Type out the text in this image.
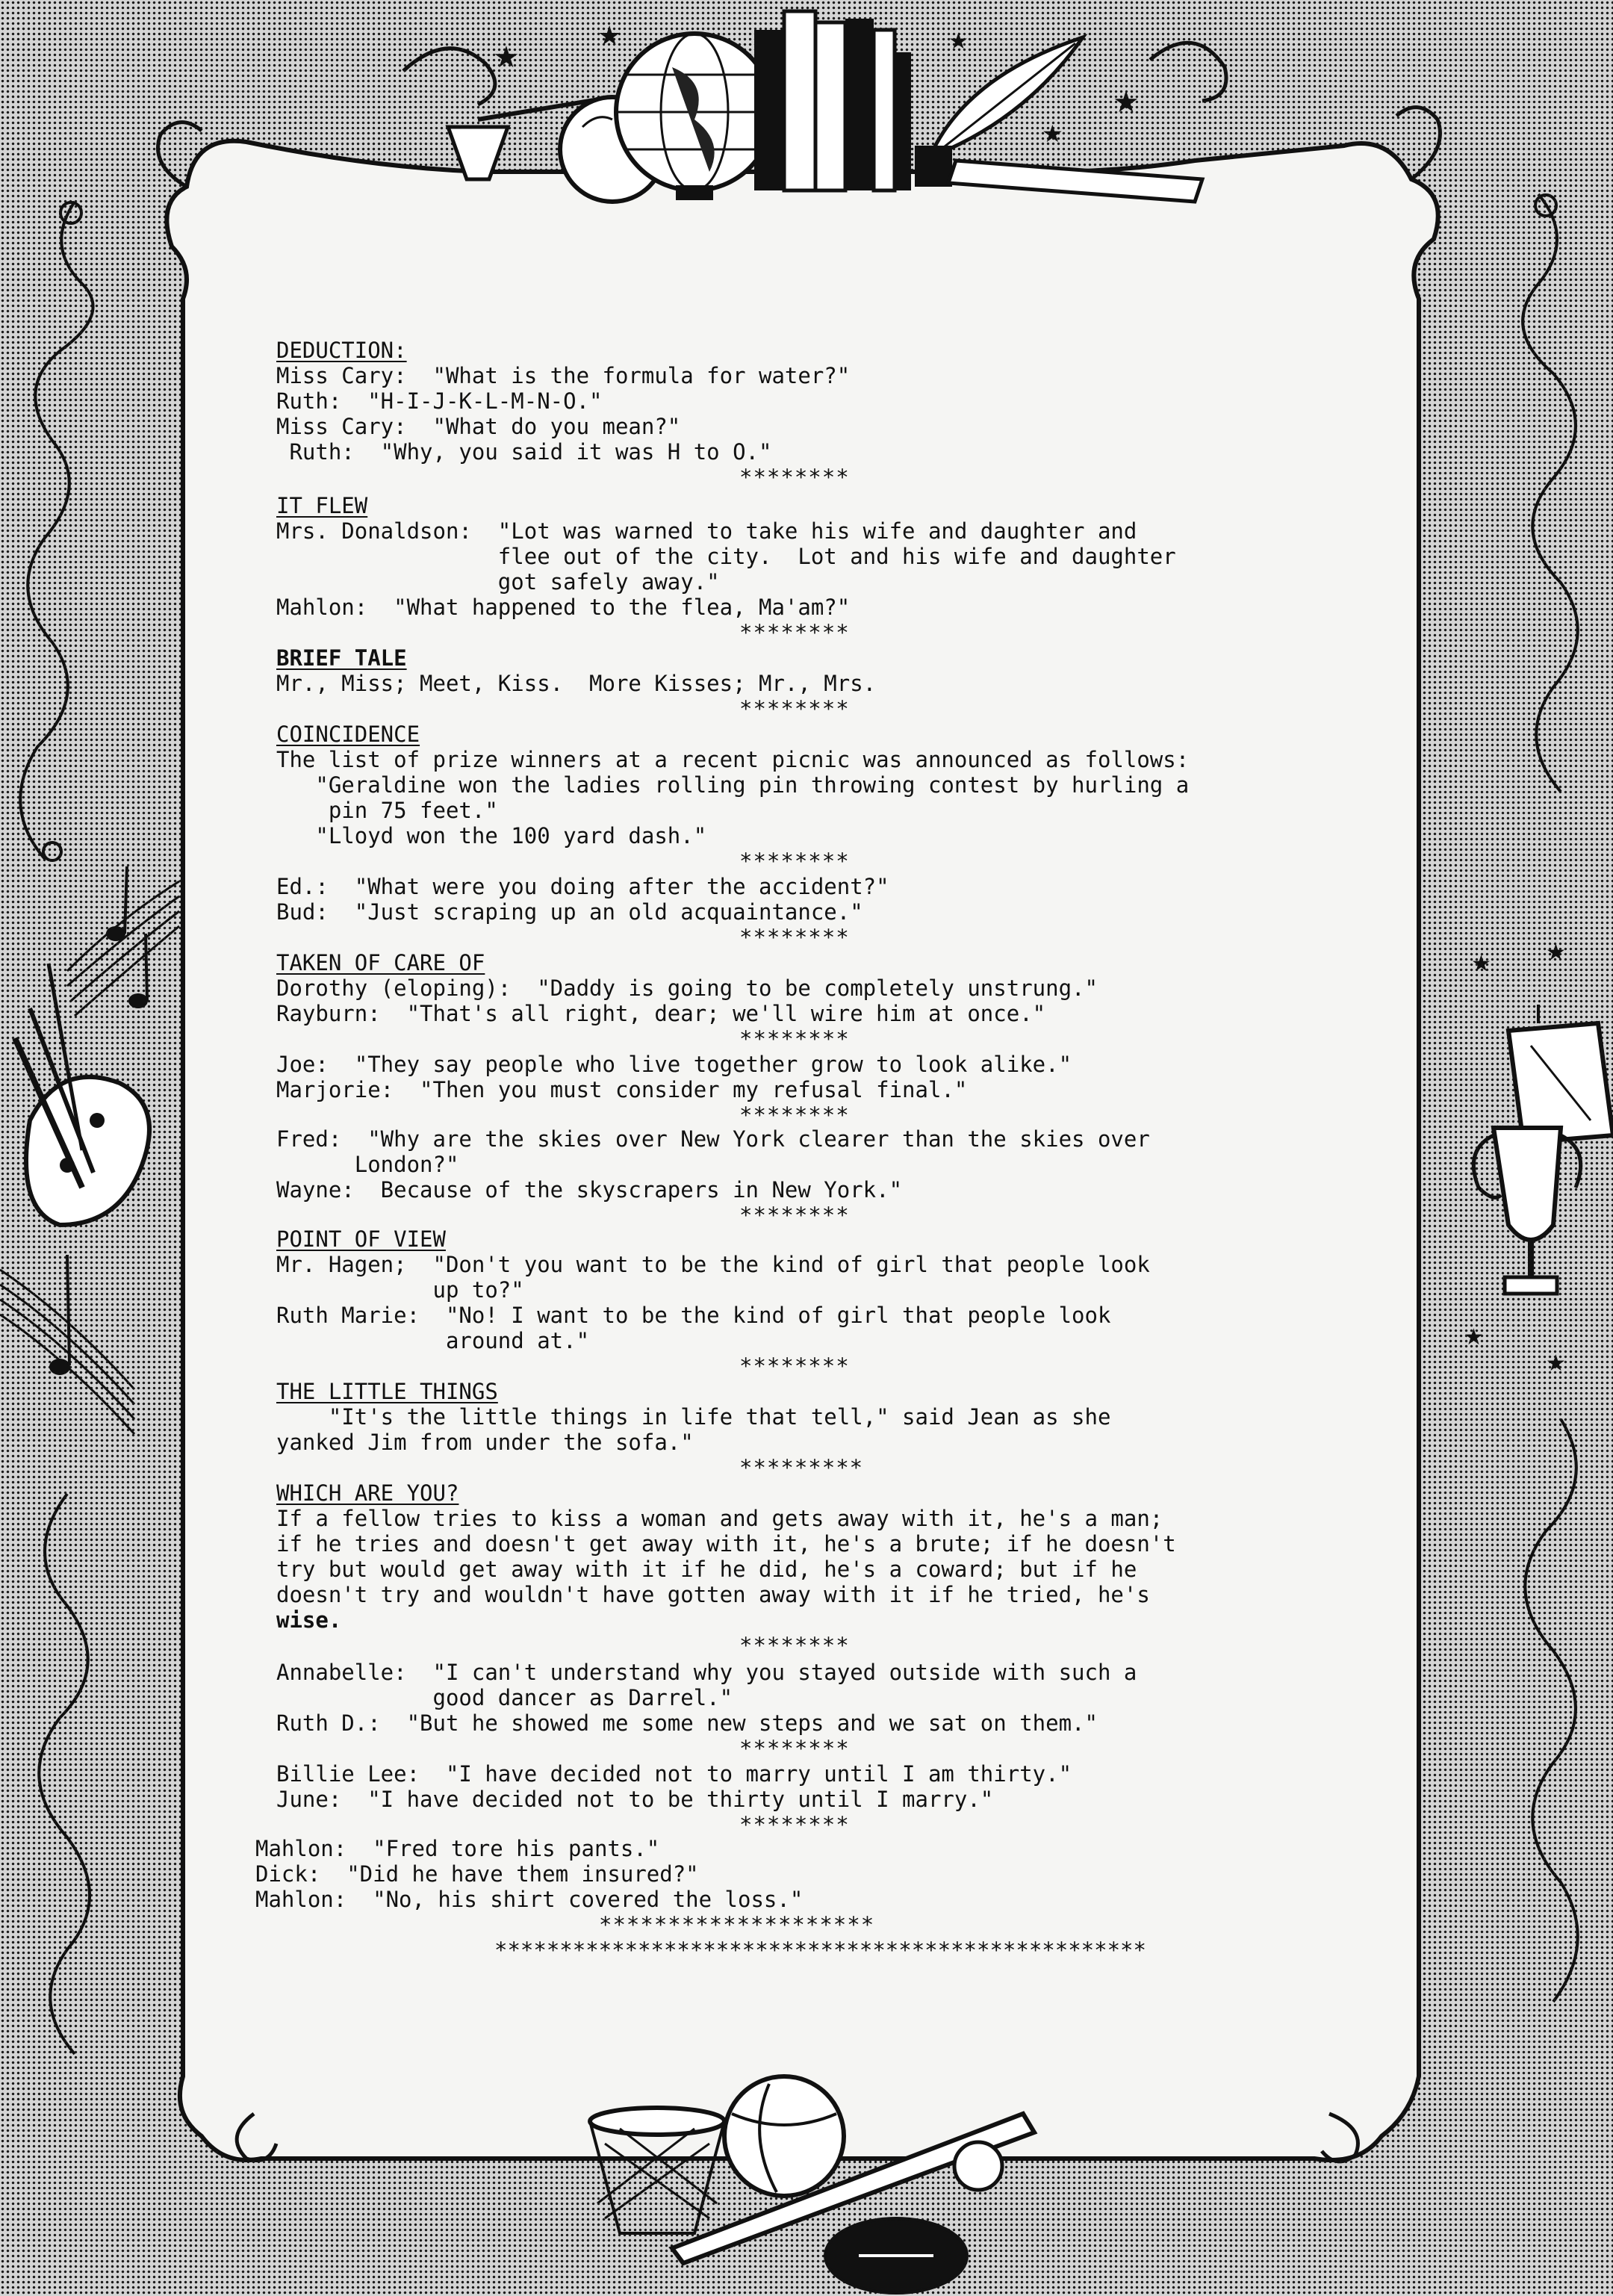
★
★	★
★
★
★ ★
★
★
DEDUCTION:
Miss Cary:  "What is the formula for water?"
Ruth:  "H-I-J-K-L-M-N-O."
Miss Cary:  "What do you mean?"
Ruth:  "Why, you said it was H to O."
********
IT FLEW
Mrs. Donaldson:  "Lot was warned to take his wife and daughter and
flee out of the city.  Lot and his wife and daughter
got safely away."
Mahlon:  "What happened to the flea, Ma'am?"
********
BRIEF TALE
Mr., Miss; Meet, Kiss.  More Kisses; Mr., Mrs.
********
COINCIDENCE
The list of prize winners at a recent picnic was announced as follows:
"Geraldine won the ladies rolling pin throwing contest by hurling a
pin 75 feet."
"Lloyd won the 100 yard dash."
********
Ed.:  "What were you doing after the accident?"
Bud:  "Just scraping up an old acquaintance."
********
TAKEN OF CARE OF
Dorothy (eloping):  "Daddy is going to be completely unstrung."
Rayburn:  "That's all right, dear; we'll wire him at once."
********
Joe:  "They say people who live together grow to look alike."
Marjorie:  "Then you must consider my refusal final."
********
Fred:  "Why are the skies over New York clearer than the skies over
London?"
Wayne:  Because of the skyscrapers in New York."
********
POINT OF VIEW
Mr. Hagen;  "Don't you want to be the kind of girl that people look
up to?"
Ruth Marie:  "No! I want to be the kind of girl that people look
around at."
********
THE LITTLE THINGS
"It's the little things in life that tell," said Jean as she
yanked Jim from under the sofa."
*********
WHICH ARE YOU?
If a fellow tries to kiss a woman and gets away with it, he's a man;
if he tries and doesn't get away with it, he's a brute; if he doesn't
try but would get away with it if he did, he's a coward; but if he
doesn't try and wouldn't have gotten away with it if he tried, he's
wise.
********
Annabelle:  "I can't understand why you stayed outside with such a
good dancer as Darrel."
Ruth D.:  "But he showed me some new steps and we sat on them."
********
Billie Lee:  "I have decided not to marry until I am thirty."
June:  "I have decided not to be thirty until I marry."
********
Mahlon:  "Fred tore his pants."
Dick:  "Did he have them insured?"
Mahlon:  "No, his shirt covered the loss."
********************
**************************************************
